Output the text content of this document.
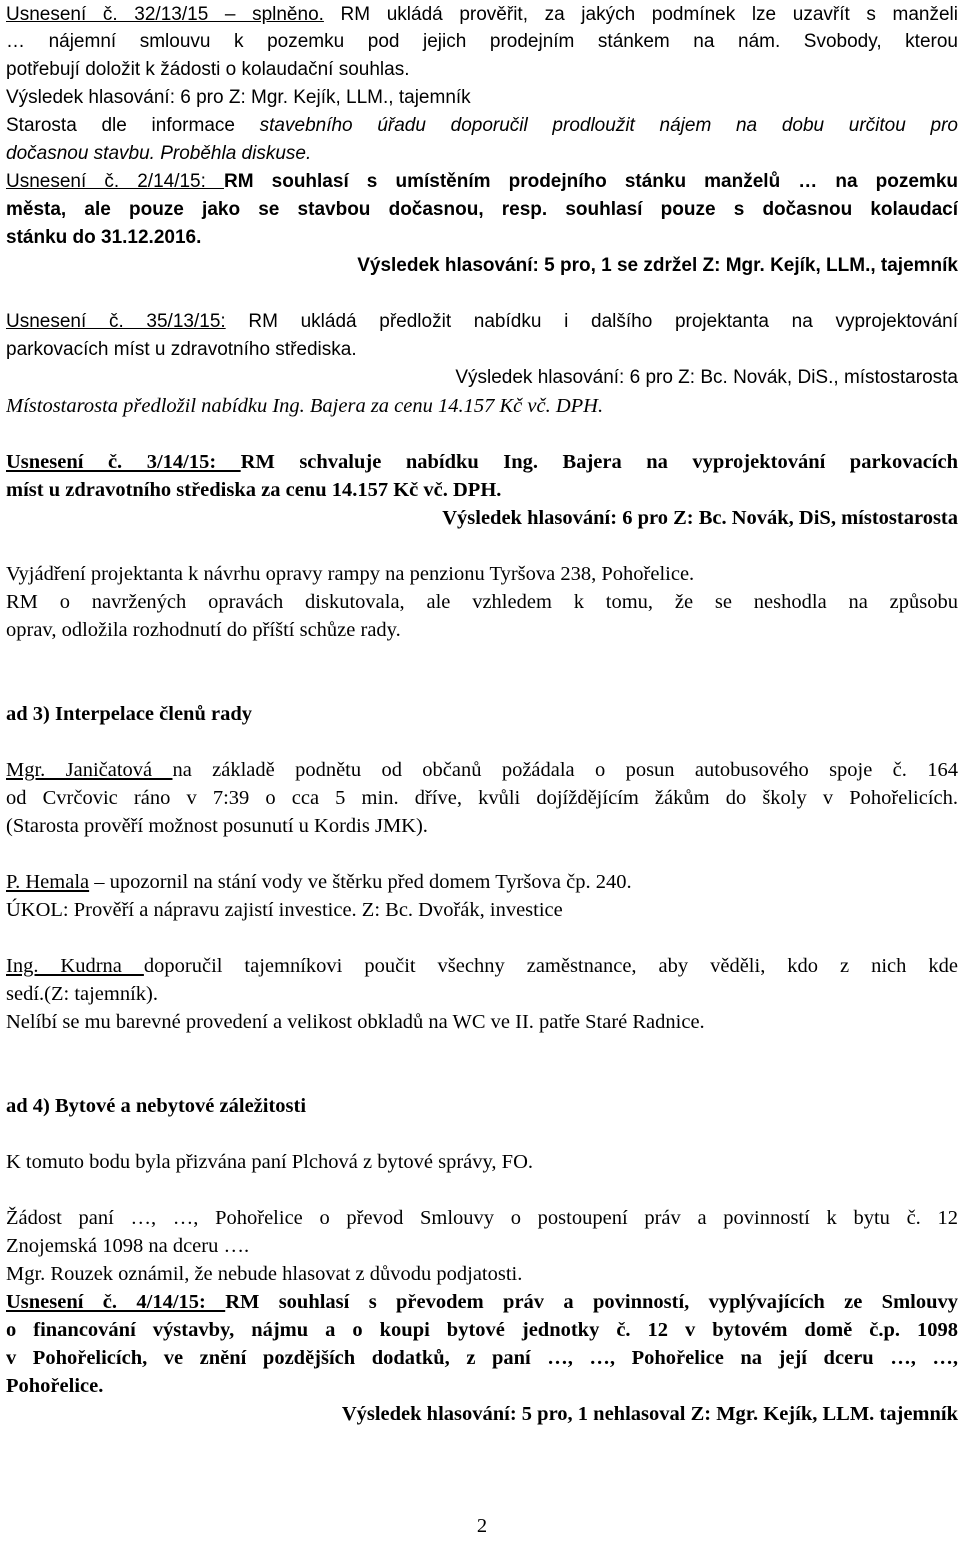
Usnesení č. 32/13/15 – splněno. RM ukládá prověřit, za jakých podmínek lze uzavřít s manželi
… nájemní smlouvu k pozemku pod jejich prodejním stánkem na nám. Svobody, kterou
potřebují doložit k žádosti o kolaudační souhlas.
Výsledek hlasování: 6 pro Z: Mgr. Kejík, LLM., tajemník
Starosta dle informace stavebního úřadu doporučil prodloužit nájem na dobu určitou pro
dočasnou stavbu. Proběhla diskuse.
Usnesení č. 2/14/15: RM souhlasí s umístěním prodejního stánku manželů … na pozemku
města, ale pouze jako se stavbou dočasnou, resp. souhlasí pouze s dočasnou kolaudací
stánku do 31.12.2016.
Výsledek hlasování: 5 pro, 1 se zdržel Z: Mgr. Kejík, LLM., tajemník
Usnesení č. 35/13/15: RM ukládá předložit nabídku i dalšího projektanta na vyprojektování
parkovacích míst u zdravotního střediska.
Výsledek hlasování: 6 pro Z: Bc. Novák, DiS., místostarosta
Místostarosta předložil nabídku Ing. Bajera za cenu 14.157 Kč vč. DPH.
Usnesení č. 3/14/15: RM schvaluje nabídku Ing. Bajera na vyprojektování parkovacích
míst u zdravotního střediska za cenu 14.157 Kč vč. DPH.
Výsledek hlasování: 6 pro Z: Bc. Novák, DiS, místostarosta
Vyjádření projektanta k návrhu opravy rampy na penzionu Tyršova 238, Pohořelice.
RM o navržených opravách diskutovala, ale vzhledem k tomu, že se neshodla na způsobu
oprav, odložila rozhodnutí do příští schůze rady.
ad 3) Interpelace členů rady
Mgr. Janičatová na základě podnětu od občanů požádala o posun autobusového spoje č. 164
od Cvrčovic ráno v 7:39 o cca 5 min. dříve, kvůli dojíždějícím žákům do školy v Pohořelicích.
(Starosta prověří možnost posunutí u Kordis JMK).
P. Hemala – upozornil na stání vody ve štěrku před domem Tyršova čp. 240.
ÚKOL: Prověří a nápravu zajistí investice. Z: Bc. Dvořák, investice
Ing. Kudrna doporučil tajemníkovi poučit všechny zaměstnance, aby věděli, kdo z nich kde
sedí.(Z: tajemník).
Nelíbí se mu barevné provedení a velikost obkladů na WC ve II. patře Staré Radnice.
ad 4) Bytové a nebytové záležitosti
K tomuto bodu byla přizvána paní Plchová z bytové správy, FO.
Žádost paní …, …, Pohořelice o převod Smlouvy o postoupení práv a povinností k bytu č. 12
Znojemská 1098 na dceru ….
Mgr. Rouzek oznámil, že nebude hlasovat z důvodu podjatosti.
Usnesení č. 4/14/15: RM souhlasí s převodem práv a povinností, vyplývajících ze Smlouvy
o financování výstavby, nájmu a o koupi bytové jednotky č. 12 v bytovém domě č.p. 1098
v Pohořelicích, ve znění pozdějších dodatků, z paní …, …, Pohořelice na její dceru …, …,
Pohořelice.
Výsledek hlasování: 5 pro, 1 nehlasoval Z: Mgr. Kejík, LLM. tajemník
2
